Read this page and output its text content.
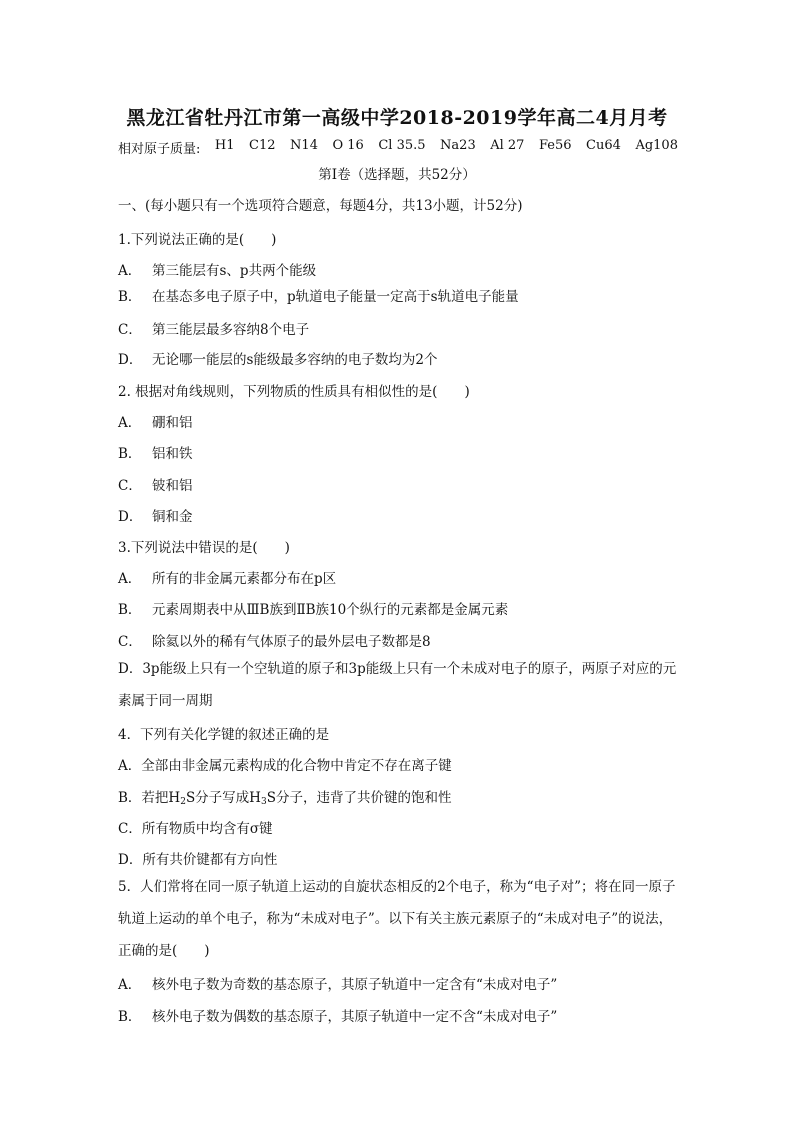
黑龙江省牡丹江市第一高级中学2018-2019学年高二4月月考
相对原子质量: H1 C12 N14 O 16 Cl 35.5 Na23 Al 27 Fe56 Cu64 Ag108
第I卷（选择题，共52分）
一、(每小题只有一个选项符合题意，每题4分，共13小题，计52分)
1.下列说法正确的是(　　)
A． 第三能层有s、p共两个能级
B． 在基态多电子原子中，p轨道电子能量一定高于s轨道电子能量
C． 第三能层最多容纳8个电子
D． 无论哪一能层的s能级最多容纳的电子数均为2个
2. 根据对角线规则，下列物质的性质具有相似性的是(　　)
A． 硼和铝
B． 铝和铁
C． 铍和铝
D． 铜和金
3.下列说法中错误的是(　　)
A． 所有的非金属元素都分布在p区
B． 元素周期表中从ⅢB族到ⅡB族10个纵行的元素都是金属元素
C． 除氦以外的稀有气体原子的最外层电子数都是8
D．3p能级上只有一个空轨道的原子和3p能级上只有一个未成对电子的原子，两原子对应的元素属于同一周期
4．下列有关化学键的叙述正确的是
A．全部由非金属元素构成的化合物中肯定不存在离子键
B．若把$H_2S$分子写成$H_3S$分子，违背了共价键的饱和性
C．所有物质中均含有σ键
D．所有共价键都有方向性
5．人们常将在同一原子轨道上运动的自旋状态相反的2个电子，称为“电子对”；将在同一原子轨道上运动的单个电子，称为“未成对电子”。以下有关主族元素原子的“未成对电子”的说法，正确的是(　　)
A． 核外电子数为奇数的基态原子，其原子轨道中一定含有“未成对电子”
B． 核外电子数为偶数的基态原子，其原子轨道中一定不含“未成对电子”
